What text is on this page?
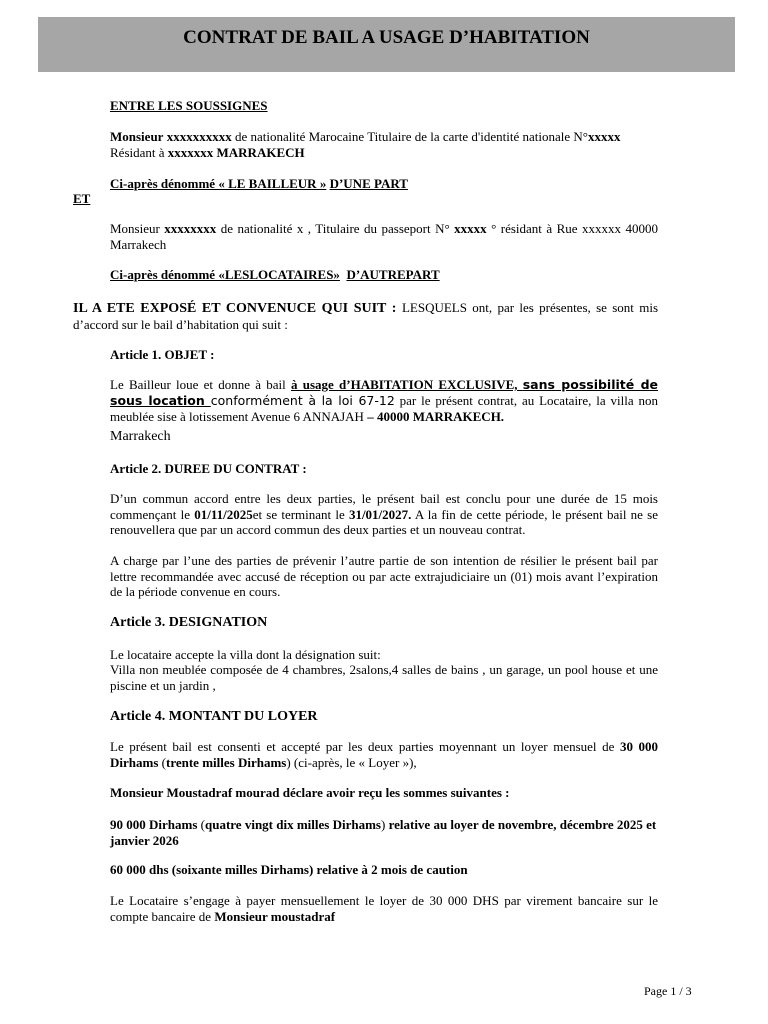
CONTRAT DE BAIL A USAGE D’HABITATION
ENTRE LES SOUSSIGNES
Monsieur xxxxxxxxxx de nationalité Marocaine Titulaire de la carte d'identité nationale N°xxxxx
Résidant à xxxxxxx MARRAKECH
Ci-après dénommé « LE BAILLEUR » D’UNE PART
ET
Monsieur xxxxxxxx de nationalité x , Titulaire du passeport N° xxxxx ° résidant à Rue xxxxxx 40000 Marrakech
Ci-après dénommé «LESLOCATAIRES» D’AUTREPART
IL A ETE EXPOSÉ ET CONVENUCE QUI SUIT : LESQUELS ont, par les présentes, se sont mis d’accord sur le bail d’habitation qui suit :
Article 1. OBJET :
Le Bailleur loue et donne à bail à usage d’HABITATION EXCLUSIVE, sans possibilité de sous location conformément à la loi 67-12 par le présent contrat, au Locataire, la villa non meublée sise à lotissement Avenue 6 ANNAJAH – 40000 MARRAKECH.
Marrakech
Article 2. DUREE DU CONTRAT :
D’un commun accord entre les deux parties, le présent bail est conclu pour une durée de 15 mois commençant le 01/11/2025et se terminant le 31/01/2027. A la fin de cette période, le présent bail ne se renouvellera que par un accord commun des deux parties et un nouveau contrat.
A charge par l’une des parties de prévenir l’autre partie de son intention de résilier le présent bail par lettre recommandée avec accusé de réception ou par acte extrajudiciaire un (01) mois avant l’expiration de la période convenue en cours.
Article 3. DESIGNATION
Le locataire accepte la villa dont la désignation suit:
Villa non meublée composée de 4 chambres, 2salons,4 salles de bains , un garage, un pool house et une piscine et un jardin ,
Article 4. MONTANT DU LOYER
Le présent bail est consenti et accepté par les deux parties moyennant un loyer mensuel de 30 000 Dirhams (trente milles Dirhams) (ci-après, le « Loyer »),
Monsieur Moustadraf mourad déclare avoir reçu les sommes suivantes :
90 000 Dirhams (quatre vingt dix milles Dirhams) relative au loyer de novembre, décembre 2025 et janvier 2026
60 000 dhs (soixante milles Dirhams) relative à 2 mois de caution
Le Locataire s’engage à payer mensuellement le loyer de 30 000 DHS par virement bancaire sur le compte bancaire de Monsieur moustadraf
Page 1 / 3
